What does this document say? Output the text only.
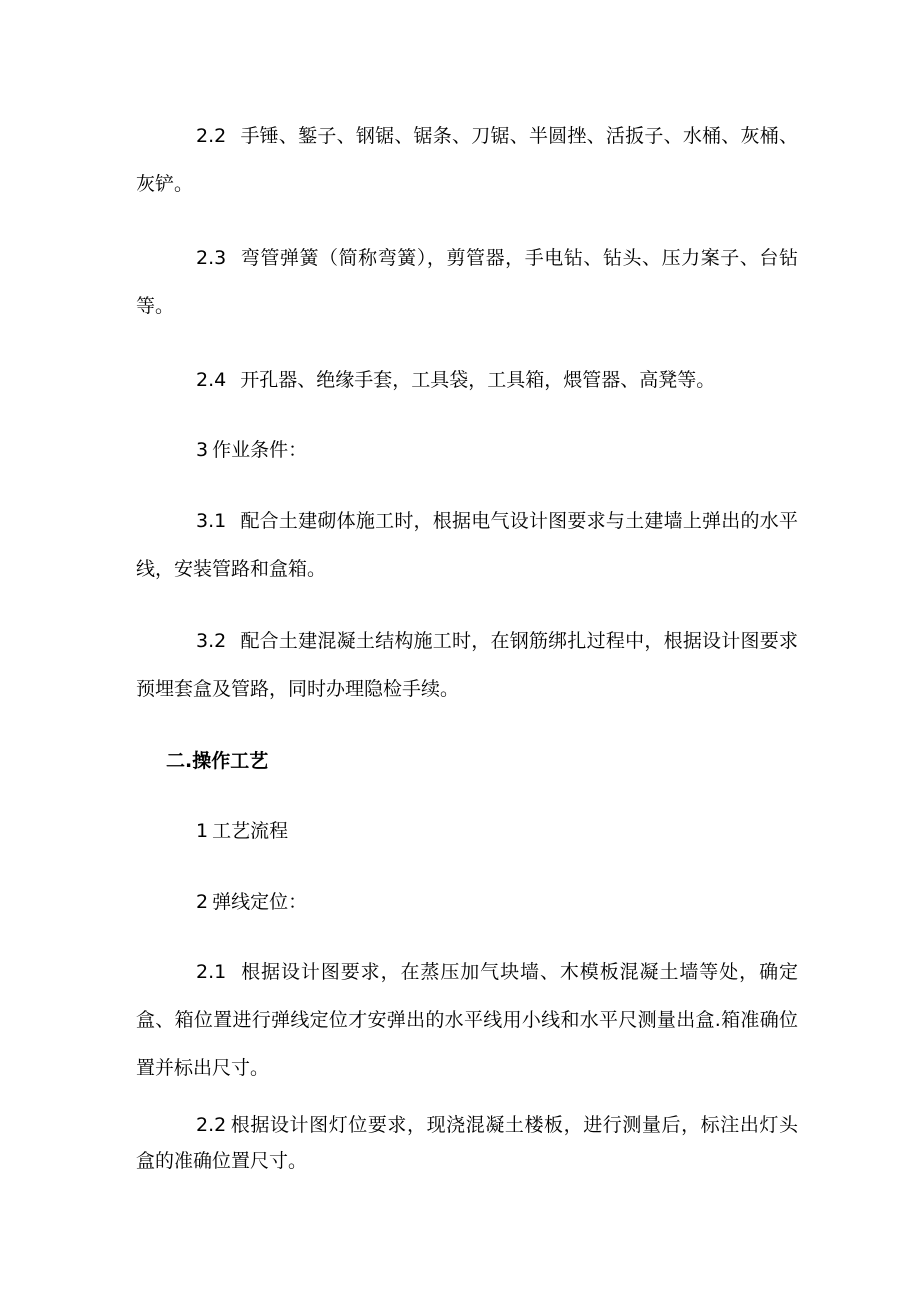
2.2 手锤、錾子、钢锯、锯条、刀锯、半圆挫、活扳子、水桶、灰桶、灰铲。

2.3 弯管弹簧（简称弯簧），剪管器，手电钻、钻头、压力案子、台钻等。

2.4 开孔器、绝缘手套，工具袋，工具箱，煨管器、高凳等。

3 作业条件：

3.1 配合土建砌体施工时，根据电气设计图要求与土建墙上弹出的水平线，安装管路和盒箱。

3.2 配合土建混凝土结构施工时，在钢筋绑扎过程中，根据设计图要求预埋套盒及管路，同时办理隐检手续。

二.操作工艺

1 工艺流程

2 弹线定位：

2.1 根据设计图要求，在蒸压加气块墙、木模板混凝土墙等处，确定盒、箱位置进行弹线定位才安弹出的水平线用小线和水平尺测量出盒.箱准确位置并标出尺寸。

2.2 根据设计图灯位要求，现浇混凝土楼板，进行测量后，标注出灯头盒的准确位置尺寸。
